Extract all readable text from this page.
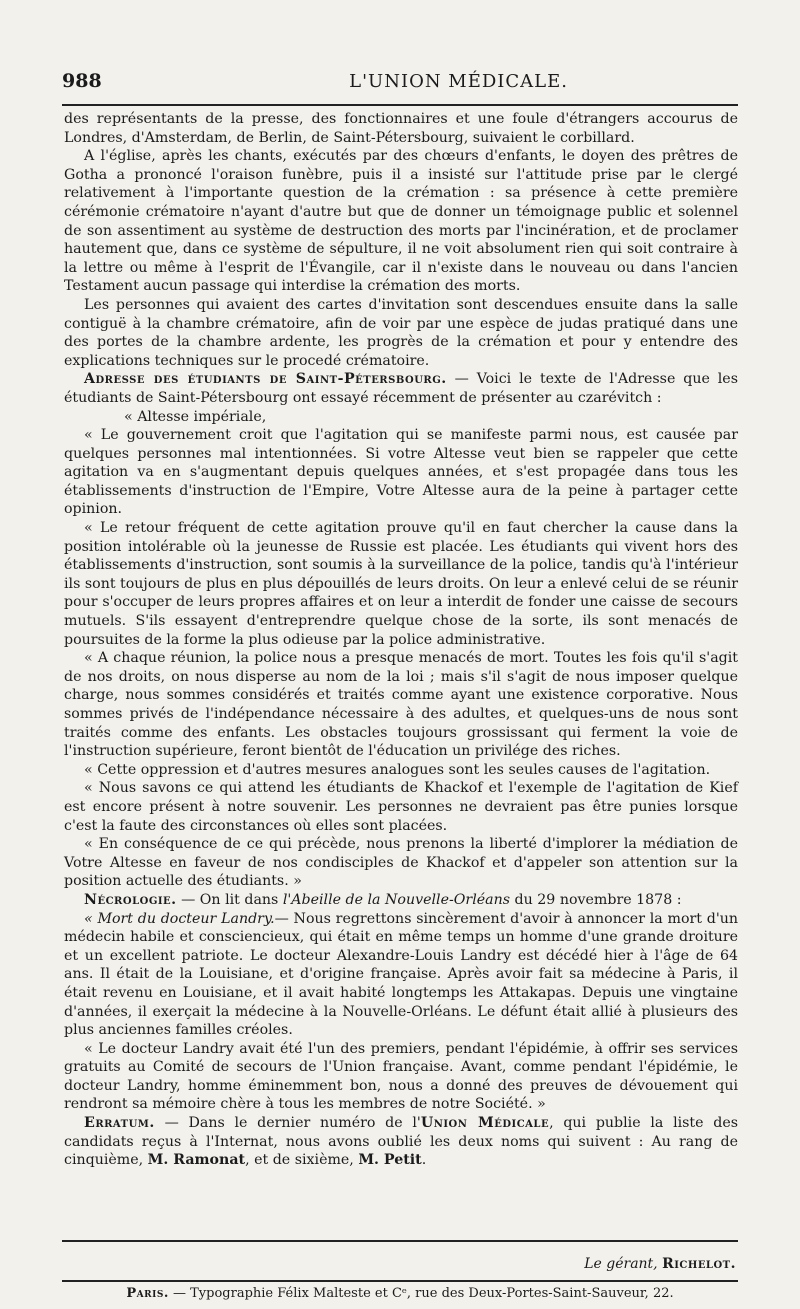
988	L'UNION MÉDICALE.

des représentants de la presse, des fonctionnaires et une foule d'étrangers accourus de Londres, d'Amsterdam, de Berlin, de Saint-Pétersbourg, suivaient le corbillard.

A l'église, après les chants, exécutés par des chœurs d'enfants, le doyen des prêtres de Gotha a prononcé l'oraison funèbre, puis il a insisté sur l'attitude prise par le clergé relativement à l'importante question de la crémation : sa présence à cette première cérémonie crématoire n'ayant d'autre but que de donner un témoignage public et solennel de son assentiment au système de destruction des morts par l'incinération, et de proclamer hautement que, dans ce système de sépulture, il ne voit absolument rien qui soit contraire à la lettre ou même à l'esprit de l'Évangile, car il n'existe dans le nouveau ou dans l'ancien Testament aucun passage qui interdise la crémation des morts.

Les personnes qui avaient des cartes d'invitation sont descendues ensuite dans la salle contiguë à la chambre crématoire, afin de voir par une espèce de judas pratiqué dans une des portes de la chambre ardente, les progrès de la crémation et pour y entendre des explications techniques sur le procedé crématoire.

Adresse des étudiants de Saint-Pétersbourg. — Voici le texte de l'Adresse que les étudiants de Saint-Pétersbourg ont essayé récemment de présenter au czarévitch :

« Altesse impériale,

« Le gouvernement croit que l'agitation qui se manifeste parmi nous, est causée par quelques personnes mal intentionnées. Si votre Altesse veut bien se rappeler que cette agitation va en s'augmentant depuis quelques années, et s'est propagée dans tous les établissements d'instruction de l'Empire, Votre Altesse aura de la peine à partager cette opinion.

« Le retour fréquent de cette agitation prouve qu'il en faut chercher la cause dans la position intolérable où la jeunesse de Russie est placée. Les étudiants qui vivent hors des établissements d'instruction, sont soumis à la surveillance de la police, tandis qu'à l'intérieur ils sont toujours de plus en plus dépouillés de leurs droits. On leur a enlevé celui de se réunir pour s'occuper de leurs propres affaires et on leur a interdit de fonder une caisse de secours mutuels. S'ils essayent d'entreprendre quelque chose de la sorte, ils sont menacés de poursuites de la forme la plus odieuse par la police administrative.

« A chaque réunion, la police nous a presque menacés de mort. Toutes les fois qu'il s'agit de nos droits, on nous disperse au nom de la loi ; mais s'il s'agit de nous imposer quelque charge, nous sommes considérés et traités comme ayant une existence corporative. Nous sommes privés de l'indépendance nécessaire à des adultes, et quelques-uns de nous sont traités comme des enfants. Les obstacles toujours grossissant qui ferment la voie de l'instruction supérieure, feront bientôt de l'éducation un privilége des riches.

« Cette oppression et d'autres mesures analogues sont les seules causes de l'agitation.

« Nous savons ce qui attend les étudiants de Khackof et l'exemple de l'agitation de Kief est encore présent à notre souvenir. Les personnes ne devraient pas être punies lorsque c'est la faute des circonstances où elles sont placées.

« En conséquence de ce qui précède, nous prenons la liberté d'implorer la médiation de Votre Altesse en faveur de nos condisciples de Khackof et d'appeler son attention sur la position actuelle des étudiants. »

Nécrologie. — On lit dans l'Abeille de la Nouvelle-Orléans du 29 novembre 1878 :

« Mort du docteur Landry.— Nous regrettons sincèrement d'avoir à annoncer la mort d'un médecin habile et consciencieux, qui était en même temps un homme d'une grande droiture et un excellent patriote. Le docteur Alexandre-Louis Landry est décédé hier à l'âge de 64 ans. Il était de la Louisiane, et d'origine française. Après avoir fait sa médecine à Paris, il était revenu en Louisiane, et il avait habité longtemps les Attakapas. Depuis une vingtaine d'années, il exerçait la médecine à la Nouvelle-Orléans. Le défunt était allié à plusieurs des plus anciennes familles créoles.

« Le docteur Landry avait été l'un des premiers, pendant l'épidémie, à offrir ses services gratuits au Comité de secours de l'Union française. Avant, comme pendant l'épidémie, le docteur Landry, homme éminemment bon, nous a donné des preuves de dévouement qui rendront sa mémoire chère à tous les membres de notre Société. »

Erratum. — Dans le dernier numéro de l'Union Médicale, qui publie la liste des candidats reçus à l'Internat, nous avons oublié les deux noms qui suivent : Au rang de cinquième, M. Ramonat, et de sixième, M. Petit.

Le gérant, Richelot.
Paris. — Typographie Félix Malteste et Cᵉ, rue des Deux-Portes-Saint-Sauveur, 22.
